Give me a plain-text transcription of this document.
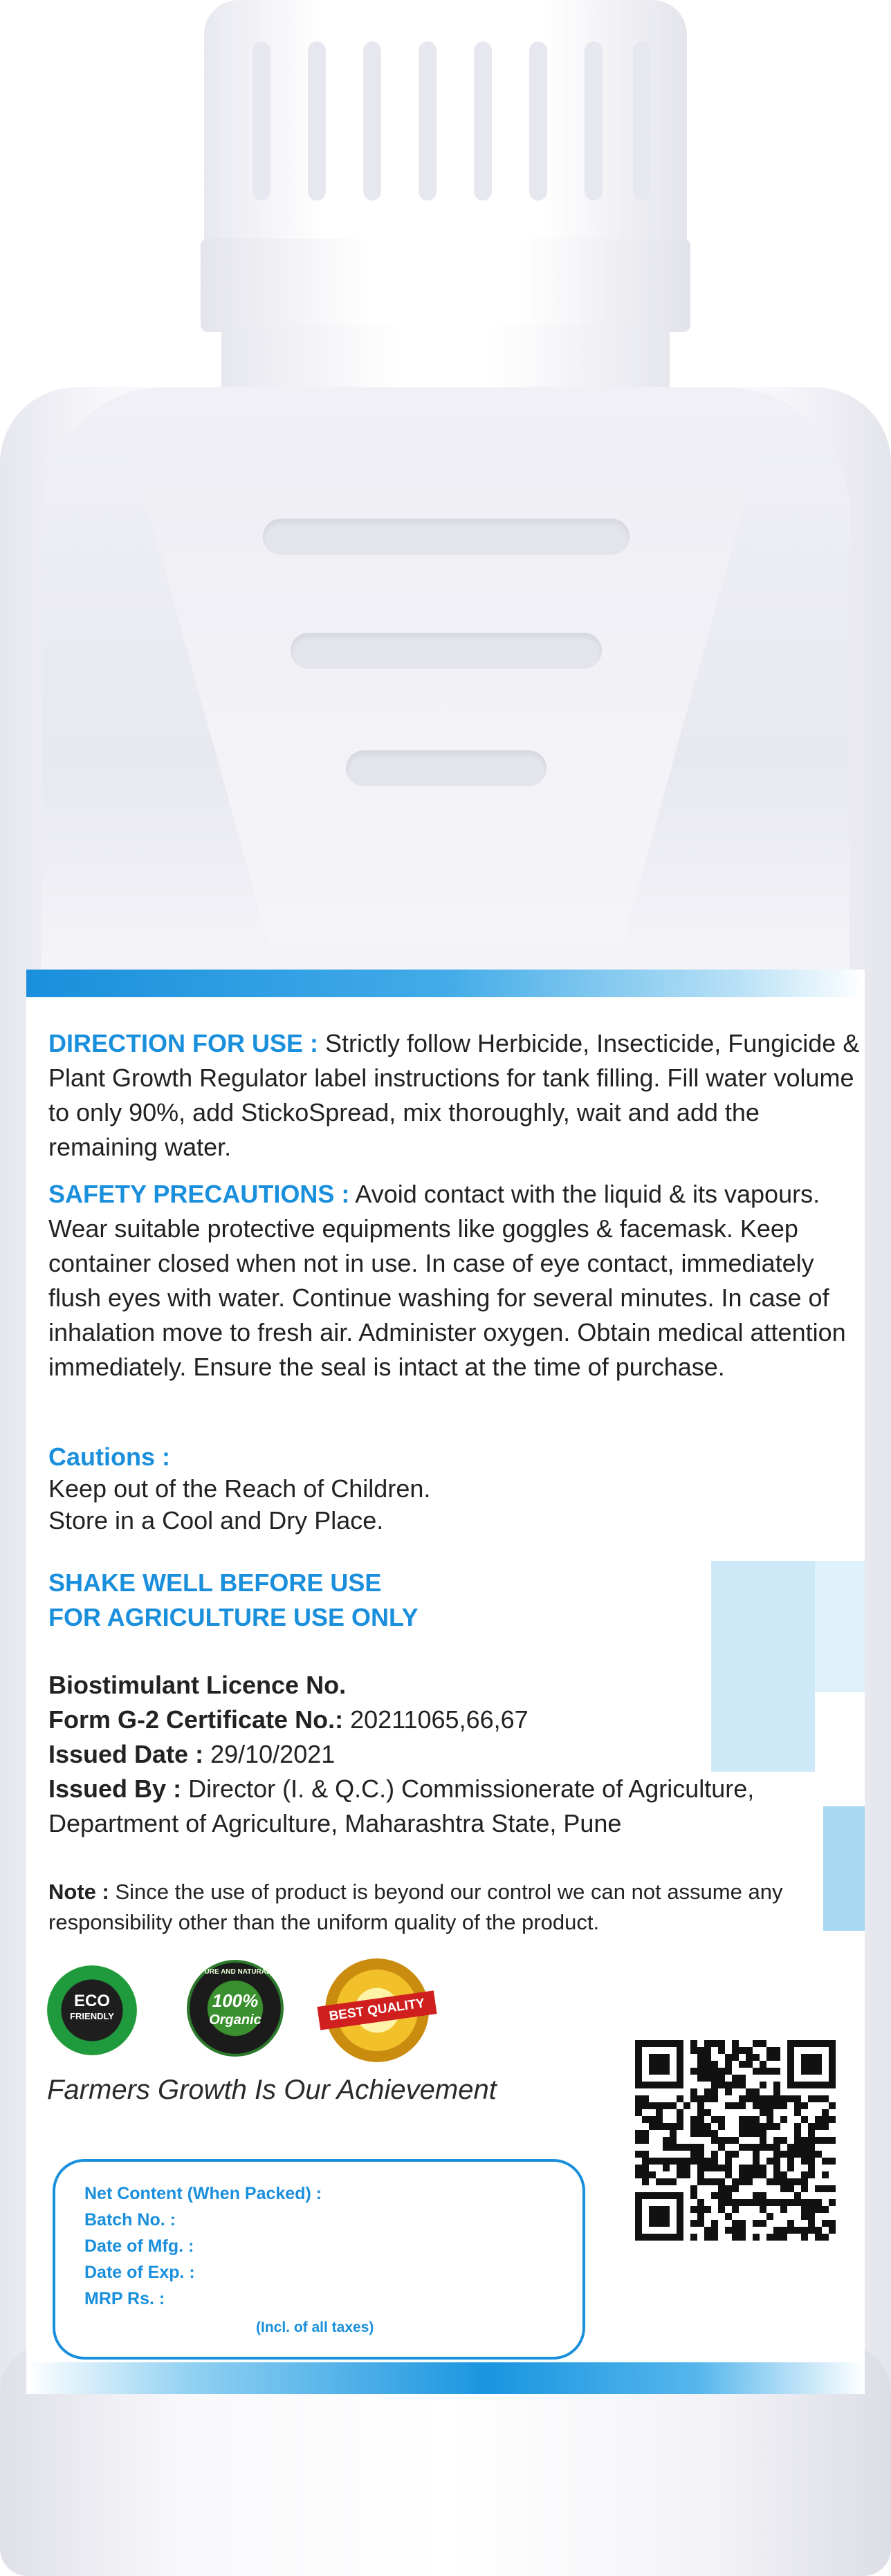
DIRECTION FOR USE : Strictly follow Herbicide, Insecticide, Fungicide & Plant Growth Regulator label instructions for tank filling. Fill water volume to only 90%, add StickoSpread, mix thoroughly, wait and add the remaining water.
SAFETY PRECAUTIONS : Avoid contact with the liquid & its vapours. Wear suitable protective equipments like goggles & facemask. Keep container closed when not in use. In case of eye contact, immediately flush eyes with water. Continue washing for several minutes. In case of inhalation move to fresh air. Administer oxygen. Obtain medical attention immediately. Ensure the seal is intact at the time of purchase.
Cautions :
Keep out of the Reach of Children.
Store in a Cool and Dry Place.
SHAKE WELL BEFORE USE
FOR AGRICULTURE USE ONLY
Biostimulant Licence No.
Form G-2 Certificate No.: 20211065,66,67
Issued Date : 29/10/2021
Issued By : Director (I. & Q.C.) Commissionerate of Agriculture, Department of Agriculture, Maharashtra State, Pune
Note : Since the use of product is beyond our control we can not assume any responsibility other than the uniform quality of the product.
ECO
FRIENDLY
PURE AND NATURAL
100%
Organic	BEST QUALITY
Farmers Growth Is Our Achievement
Net Content (When Packed) :
Batch No. :
Date of Mfg. :
Date of Exp. :
MRP Rs. :
(Incl. of all taxes)
